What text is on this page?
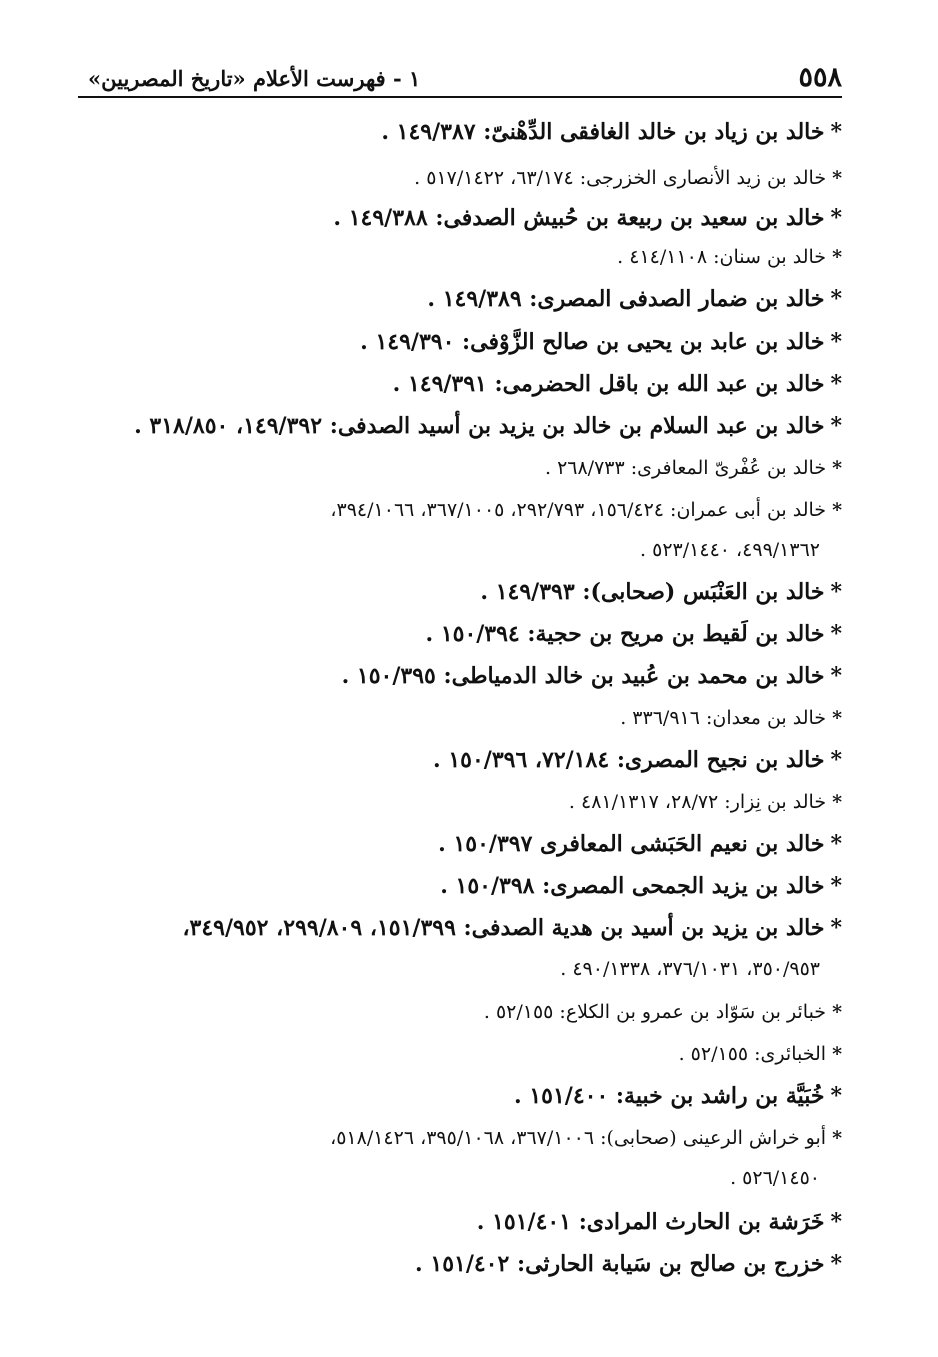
٥٥٨
١ - فهرست الأعلام «تاريخ المصريين»
*خالد بن زياد بن خالد الغافقى الدِّهْنىّ: ١٤٩/٣٨٧ .
*خالد بن زيد الأنصارى الخزرجى: ٦٣/١٧٤، ٥١٧/١٤٢٢ .
*خالد بن سعيد بن ربيعة بن حُبيش الصدفى: ١٤٩/٣٨٨ .
*خالد بن سنان: ٤١٤/١١٠٨ .
*خالد بن ضمار الصدفى المصرى: ١٤٩/٣٨٩ .
*خالد بن عابد بن يحيى بن صالح الزَّوْفى: ١٤٩/٣٩٠ .
*خالد بن عبد الله بن باقل الحضرمى: ١٤٩/٣٩١ .
*خالد بن عبد السلام بن خالد بن يزيد بن أسيد الصدفى: ١٤٩/٣٩٢، ٣١٨/٨٥٠ .
*خالد بن عُفْرىّ المعافرى: ٢٦٨/٧٣٣ .
*خالد بن أبى عمران: ١٥٦/٤٢٤، ٢٩٢/٧٩٣، ٣٦٧/١٠٠٥، ٣٩٤/١٠٦٦،
٤٩٩/١٣٦٢، ٥٢٣/١٤٤٠ .
*خالد بن العَنْبَس (صحابى): ١٤٩/٣٩٣ .
*خالد بن لَقيط بن مريح بن حجية: ١٥٠/٣٩٤ .
*خالد بن محمد بن عُبيد بن خالد الدمياطى: ١٥٠/٣٩٥ .
*خالد بن معدان: ٣٣٦/٩١٦ .
*خالد بن نجيح المصرى: ٧٢/١٨٤، ١٥٠/٣٩٦ .
*خالد بن نِزار: ٢٨/٧٢، ٤٨١/١٣١٧ .
*خالد بن نعيم الحَبَشى المعافرى ١٥٠/٣٩٧ .
*خالد بن يزيد الجمحى المصرى: ١٥٠/٣٩٨ .
*خالد بن يزيد بن أسيد بن هدية الصدفى: ١٥١/٣٩٩، ٢٩٩/٨٠٩، ٣٤٩/٩٥٢،
٣٥٠/٩٥٣، ٣٧٦/١٠٣١، ٤٩٠/١٣٣٨ .
*خبائر بن سَوّاد بن عمرو بن الكلاع: ٥٢/١٥٥ .
*الخبائرى: ٥٢/١٥٥ .
*خُبَيَّة بن راشد بن خبية: ١٥١/٤٠٠ .
*أبو خراش الرعينى (صحابى): ٣٦٧/١٠٠٦، ٣٩٥/١٠٦٨، ٥١٨/١٤٢٦،
٥٢٦/١٤٥٠ .
*خَرَشة بن الحارث المرادى: ١٥١/٤٠١ .
*خزرج بن صالح بن سَيابة الحارثى: ١٥١/٤٠٢ .
